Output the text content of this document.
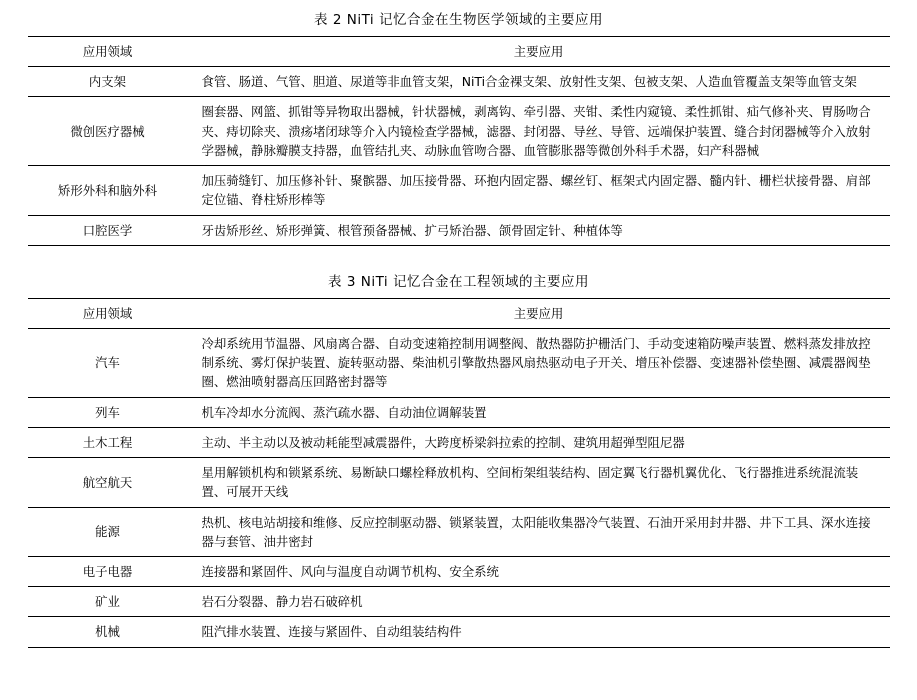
表 2 NiTi 记忆合金在生物医学领域的主要应用
应用领域	主要应用
内支架	食管、肠道、气管、胆道、尿道等非血管支架，NiTi合金裸支架、放射性支架、包被支架、人造血管覆盖支架等血管支架
微创医疗器械	圈套器、网篮、抓钳等异物取出器械，针状器械，剥离钩、牵引器、夹钳、柔性内窥镜、柔性抓钳、疝气修补夹、胃肠吻合夹、痔切除夹、溃疡堵闭球等介入内镜检查学器械，滤器、封闭器、导丝、导管、远端保护装置、缝合封闭器械等介入放射学器械，静脉瓣膜支持器，血管结扎夹、动脉血管吻合器、血管膨胀器等微创外科手术器，妇产科器械
矫形外科和脑外科	加压骑缝钉、加压修补针、聚髌器、加压接骨器、环抱内固定器、螺丝钉、框架式内固定器、髓内针、栅栏状接骨器、肩部定位锚、脊柱矫形棒等
口腔医学	牙齿矫形丝、矫形弹簧、根管预备器械、扩弓矫治器、颌骨固定针、种植体等
表 3 NiTi 记忆合金在工程领域的主要应用
应用领域	主要应用
汽车	冷却系统用节温器、风扇离合器、自动变速箱控制用调整阀、散热器防护栅活门、手动变速箱防噪声装置、燃料蒸发排放控制系统、雾灯保护装置、旋转驱动器、柴油机引擎散热器风扇热驱动电子开关、增压补偿器、变速器补偿垫圈、减震器阀垫圈、燃油喷射器高压回路密封器等
列车	机车冷却水分流阀、蒸汽疏水器、自动油位调解装置
土木工程	主动、半主动以及被动耗能型减震器件，大跨度桥梁斜拉索的控制、建筑用超弹型阻尼器
航空航天	星用解锁机构和锁紧系统、易断缺口螺栓释放机构、空间桁架组装结构、固定翼飞行器机翼优化、飞行器推进系统混流装置、可展开天线
能源	热机、核电站胡接和维修、反应控制驱动器、锁紧装置，太阳能收集器冷气装置、石油开采用封井器、井下工具、深水连接器与套管、油井密封
电子电器	连接器和紧固件、风向与温度自动调节机构、安全系统
矿业	岩石分裂器、静力岩石破碎机
机械	阻汽排水装置、连接与紧固件、自动组装结构件
